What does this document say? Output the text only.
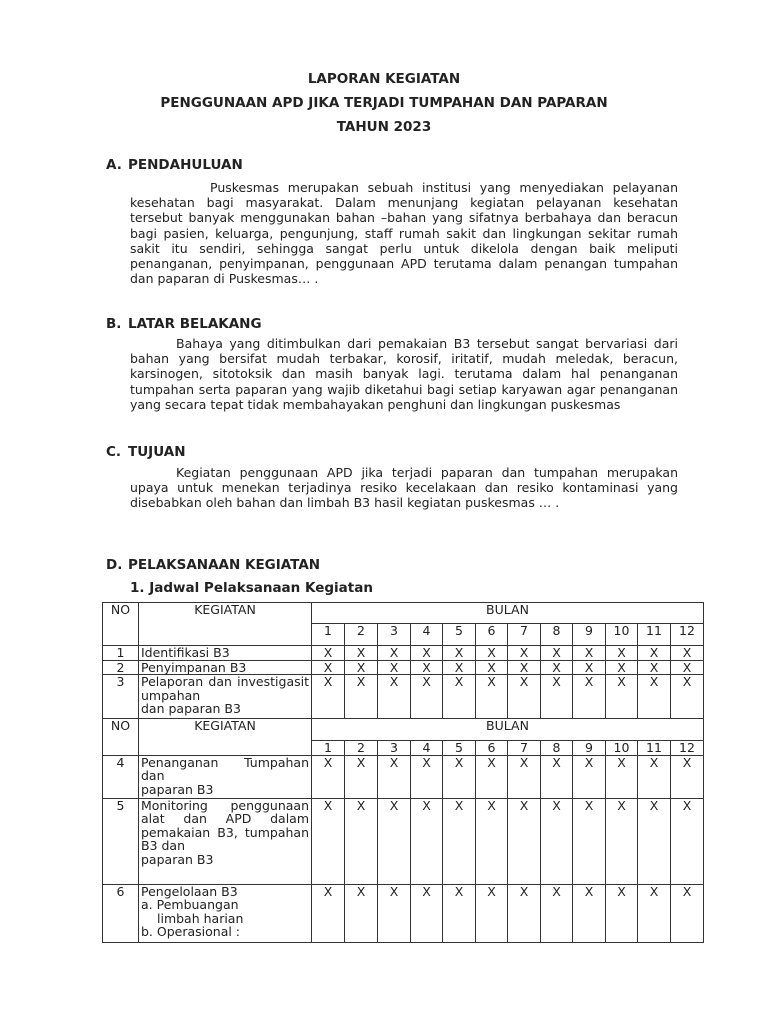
LAPORAN KEGIATAN
PENGGUNAAN APD JIKA TERJADI TUMPAHAN DAN PAPARAN
TAHUN 2023
A. PENDAHULUAN
Puskesmas merupakan sebuah institusi yang menyediakan pelayanan kesehatan bagi masyarakat. Dalam menunjang kegiatan pelayanan kesehatan tersebut banyak menggunakan bahan –bahan yang sifatnya berbahaya dan beracun bagi pasien, keluarga, pengunjung, staff rumah sakit dan lingkungan sekitar rumah sakit itu sendiri, sehingga sangat perlu untuk dikelola dengan baik meliputi penanganan, penyimpanan, penggunaan APD terutama dalam penangan tumpahan dan paparan di Puskesmas… .
B. LATAR BELAKANG
Bahaya yang ditimbulkan dari pemakaian B3 tersebut sangat bervariasi dari bahan yang bersifat mudah terbakar, korosif, iritatif, mudah meledak, beracun, karsinogen, sitotoksik dan masih banyak lagi. terutama dalam hal penanganan tumpahan serta paparan yang wajib diketahui bagi setiap karyawan agar penanganan yang secara tepat tidak membahayakan penghuni dan lingkungan puskesmas
C. TUJUAN
Kegiatan penggunaan APD jika terjadi paparan dan tumpahan merupakan upaya untuk menekan terjadinya resiko kecelakaan dan resiko kontaminasi yang disebabkan oleh bahan dan limbah B3 hasil kegiatan puskesmas … .
D. PELAKSANAAN KEGIATAN
1. Jadwal Pelaksanaan Kegiatan
NO	KEGIATAN	BULAN											
		1	2	3	4	5	6	7	8	9	10	11	12
1	Identifikasi B3	X	X	X	X	X	X	X	X	X	X	X	X
2	Penyimpanan B3	X	X	X	X	X	X	X	X	X	X	X	X
3	Pelaporan dan investigasit umpahan
dan paparan B3	X	X	X	X	X	X	X	X	X	X	X	X
NO	KEGIATAN	BULAN											
		1	2	3	4	5	6	7	8	9	10	11	12
4	Penanganan Tumpahan dan
paparan B3	X	X	X	X	X	X	X	X	X	X	X	X
5	Monitoring penggunaan alat dan APD dalam pemakaian B3, tumpahan B3 dan
paparan B3	X	X	X	X	X	X	X	X	X	X	X	X
6	Pengelolaan B3
a. Pembuangan
limbah harian
b. Operasional :	X	X	X	X	X	X	X	X	X	X	X	X
